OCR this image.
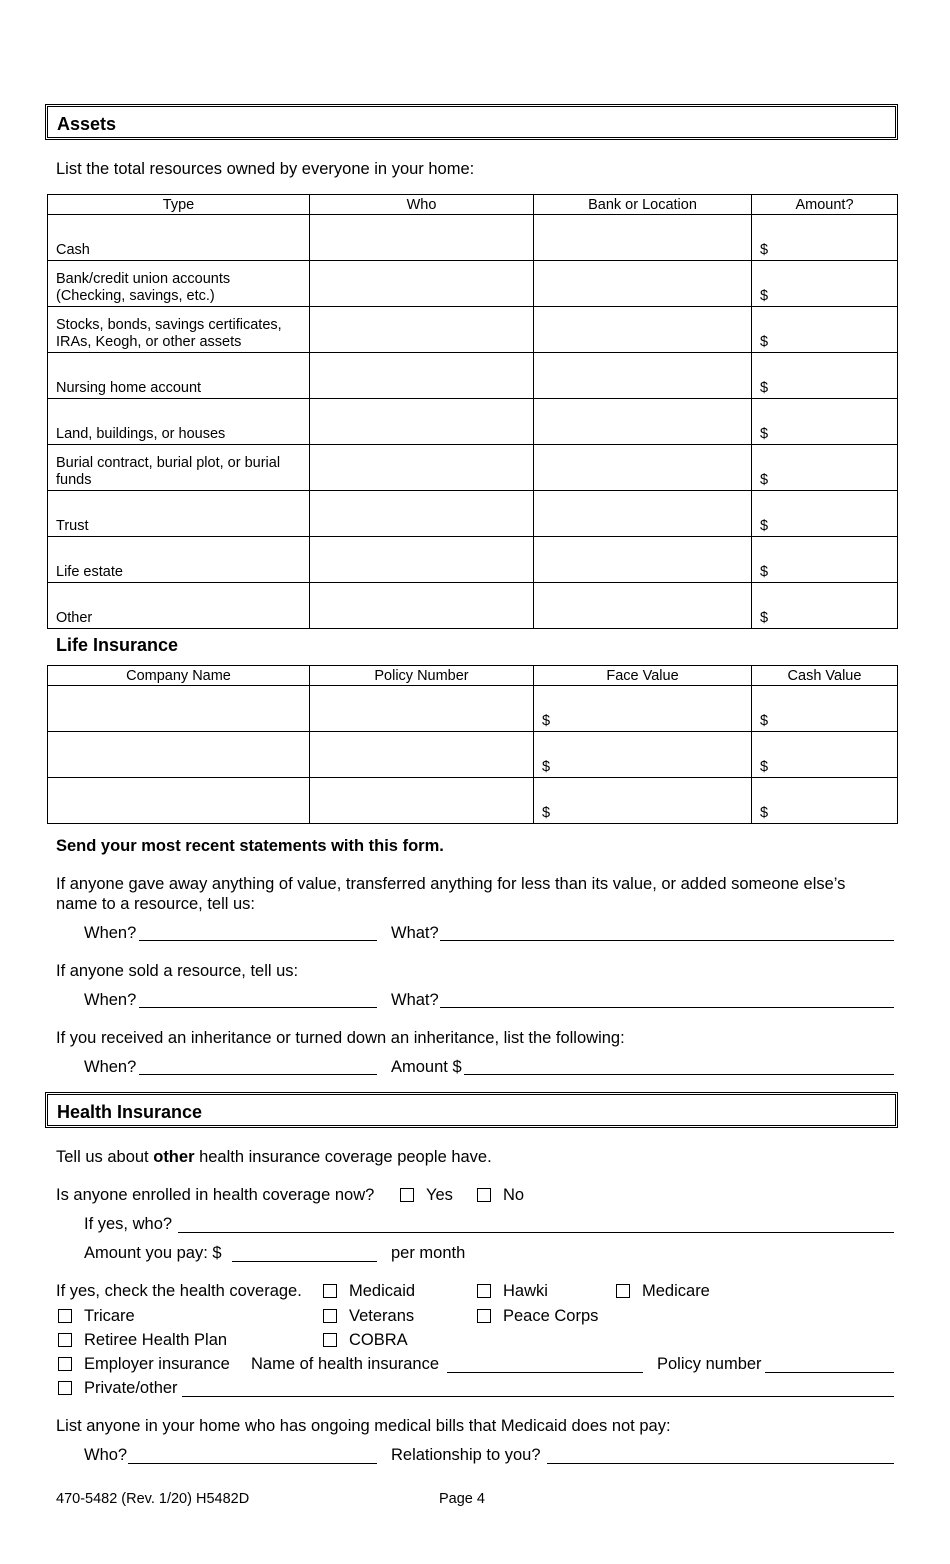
Assets
List the total resources owned by everyone in your home:
Type	Who	Bank or Location	Amount?

Cash			$

Bank/credit union accounts
(Checking, savings, etc.)			$

Stocks, bonds, savings certificates,
IRAs, Keogh, or other assets			$

Nursing home account			$

Land, buildings, or houses			$

Burial contract, burial plot, or burial
funds			$

Trust			$

Life estate			$

Other			$
Life Insurance
Company Name	Policy Number	Face Value	Cash Value
		$	$
		$	$
		$	$
Send your most recent statements with this form.
If anyone gave away anything of value, transferred anything for less than its value, or added someone else’s
name to a resource, tell us:
When?	What?
If anyone sold a resource, tell us:
When?	What?
If you received an inheritance or turned down an inheritance, list the following:
When?	Amount $
Health Insurance
Tell us about other health insurance coverage people have.
Is anyone enrolled in health coverage now?	Yes	No
If yes, who?
Amount you pay: $	per month
If yes, check the health coverage.	Medicaid	Hawki	Medicare
Tricare	Veterans	Peace Corps
Retiree Health Plan	COBRA
Employer insurance Name of health insurance	Policy number
Private/other
List anyone in your home who has ongoing medical bills that Medicaid does not pay:
Who?	Relationship to you?
470-5482 (Rev. 1/20) H5482D	Page 4
